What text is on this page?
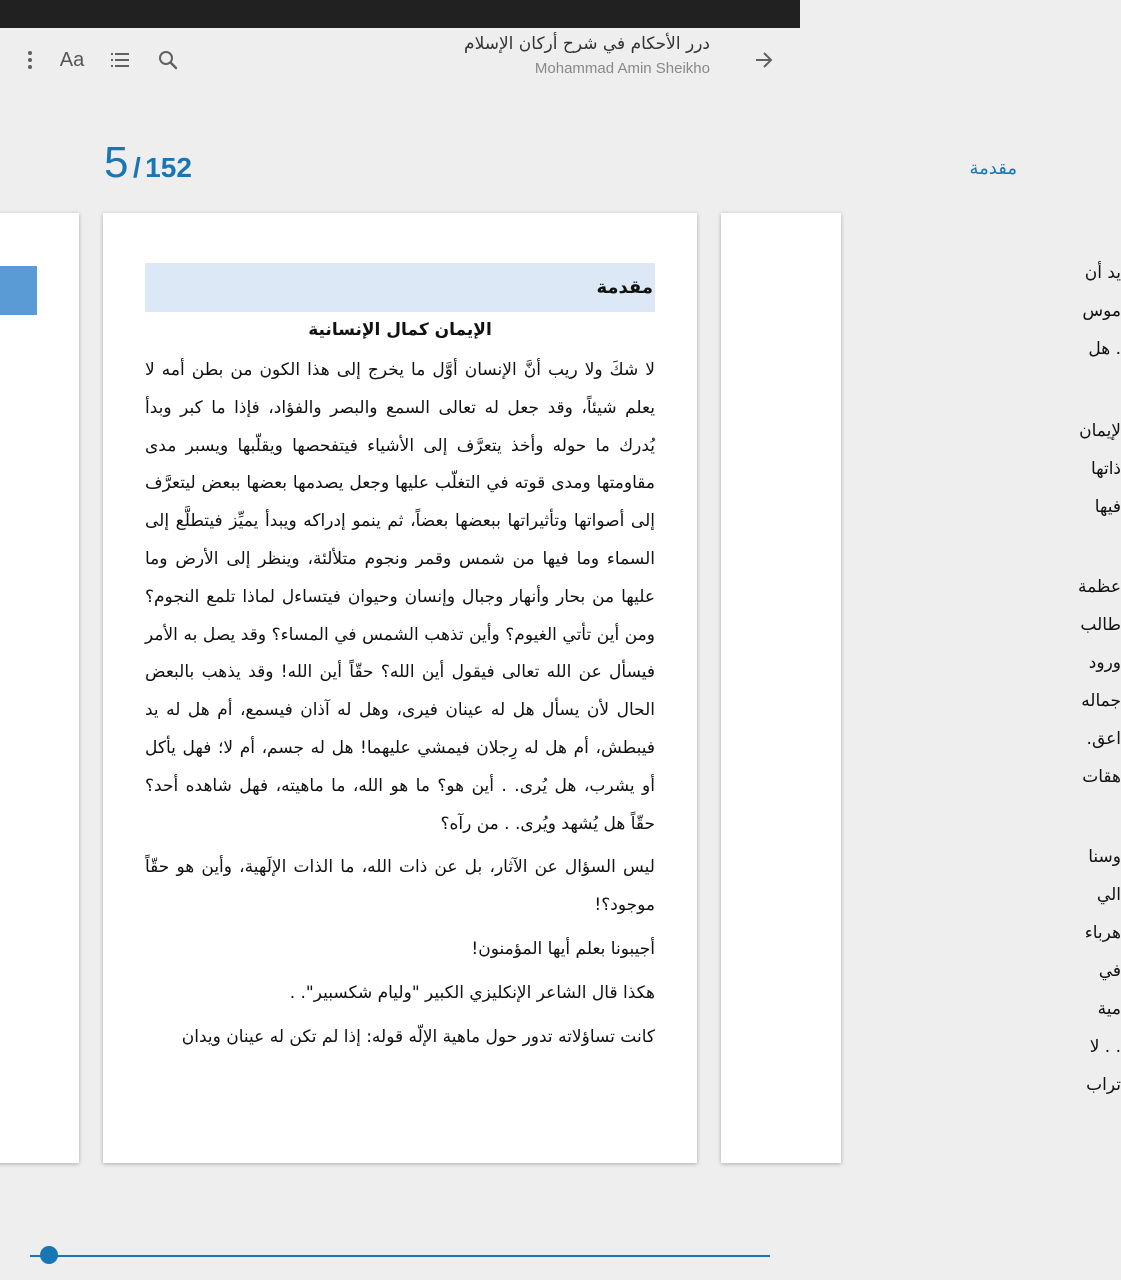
Aa
درر الأحكام في شرح أركان الإسلام
Mohammad Amin Sheikho
5 / 152	مقدمة
مقدمة
الإيمان كمال الإنسانية

لا شكَ ولا ريب أنَّ الإنسان أوَّل ما يخرج إلى هذا الكون من بطن أمه لا يعلم شيئاً، وقد جعل له تعالى السمع والبصر والفؤاد، فإذا ما كبر وبدأ يُدرك ما حوله وأخذ يتعرَّف إلى الأشياء فيتفحصها ويقلّبها ويسبر مدى مقاومتها ومدى قوته في التغلّب عليها وجعل يصدمها بعضها ببعض ليتعرَّف إلى أصواتها وتأثيراتها ببعضها بعضاً، ثم ينمو إدراكه ويبدأ يميِّز فيتطلَّع إلى السماء وما فيها من شمس وقمر ونجوم متلألئة، وينظر إلى الأرض وما عليها من بحار وأنهار وجبال وإنسان وحيوان فيتساءل لماذا تلمع النجوم؟ ومن أين تأتي الغيوم؟ وأين تذهب الشمس في المساء؟ وقد يصل به الأمر فيسأل عن الله تعالى فيقول أين الله؟ حقّاً أين الله! وقد يذهب بالبعض الحال لأن يسأل هل له عينان فيرى، وهل له آذان فيسمع، أم هل له يد فيبطش، أم هل له رِجلان فيمشي عليهما! هل له جسم، أم لا؛ فهل يأكل أو يشرب، هل يُرى. . أين هو؟ ما هو الله، ما ماهيته، فهل شاهده أحد؟ حقّاً هل يُشهد ويُرى. . من رآه؟

ليس السؤال عن الآثار، بل عن ذات الله، ما الذات الإلَهية، وأين هو حقّاً موجود؟!

أجيبونا بعلم أيها المؤمنون!

هكذا قال الشاعر الإنكليزي الكبير "وليام شكسبير". .

كانت تساؤلاته تدور حول ماهية الإلّه قوله: إذا لم تكن له عينان ويدان

يد أن
موس
. هل
لإيمان
ذاتها
فيها
عظمة
طالب
ورود
جماله
اعق.
هقات
وسنا
الي
هرباء
في
مية
. . لا
تراب
